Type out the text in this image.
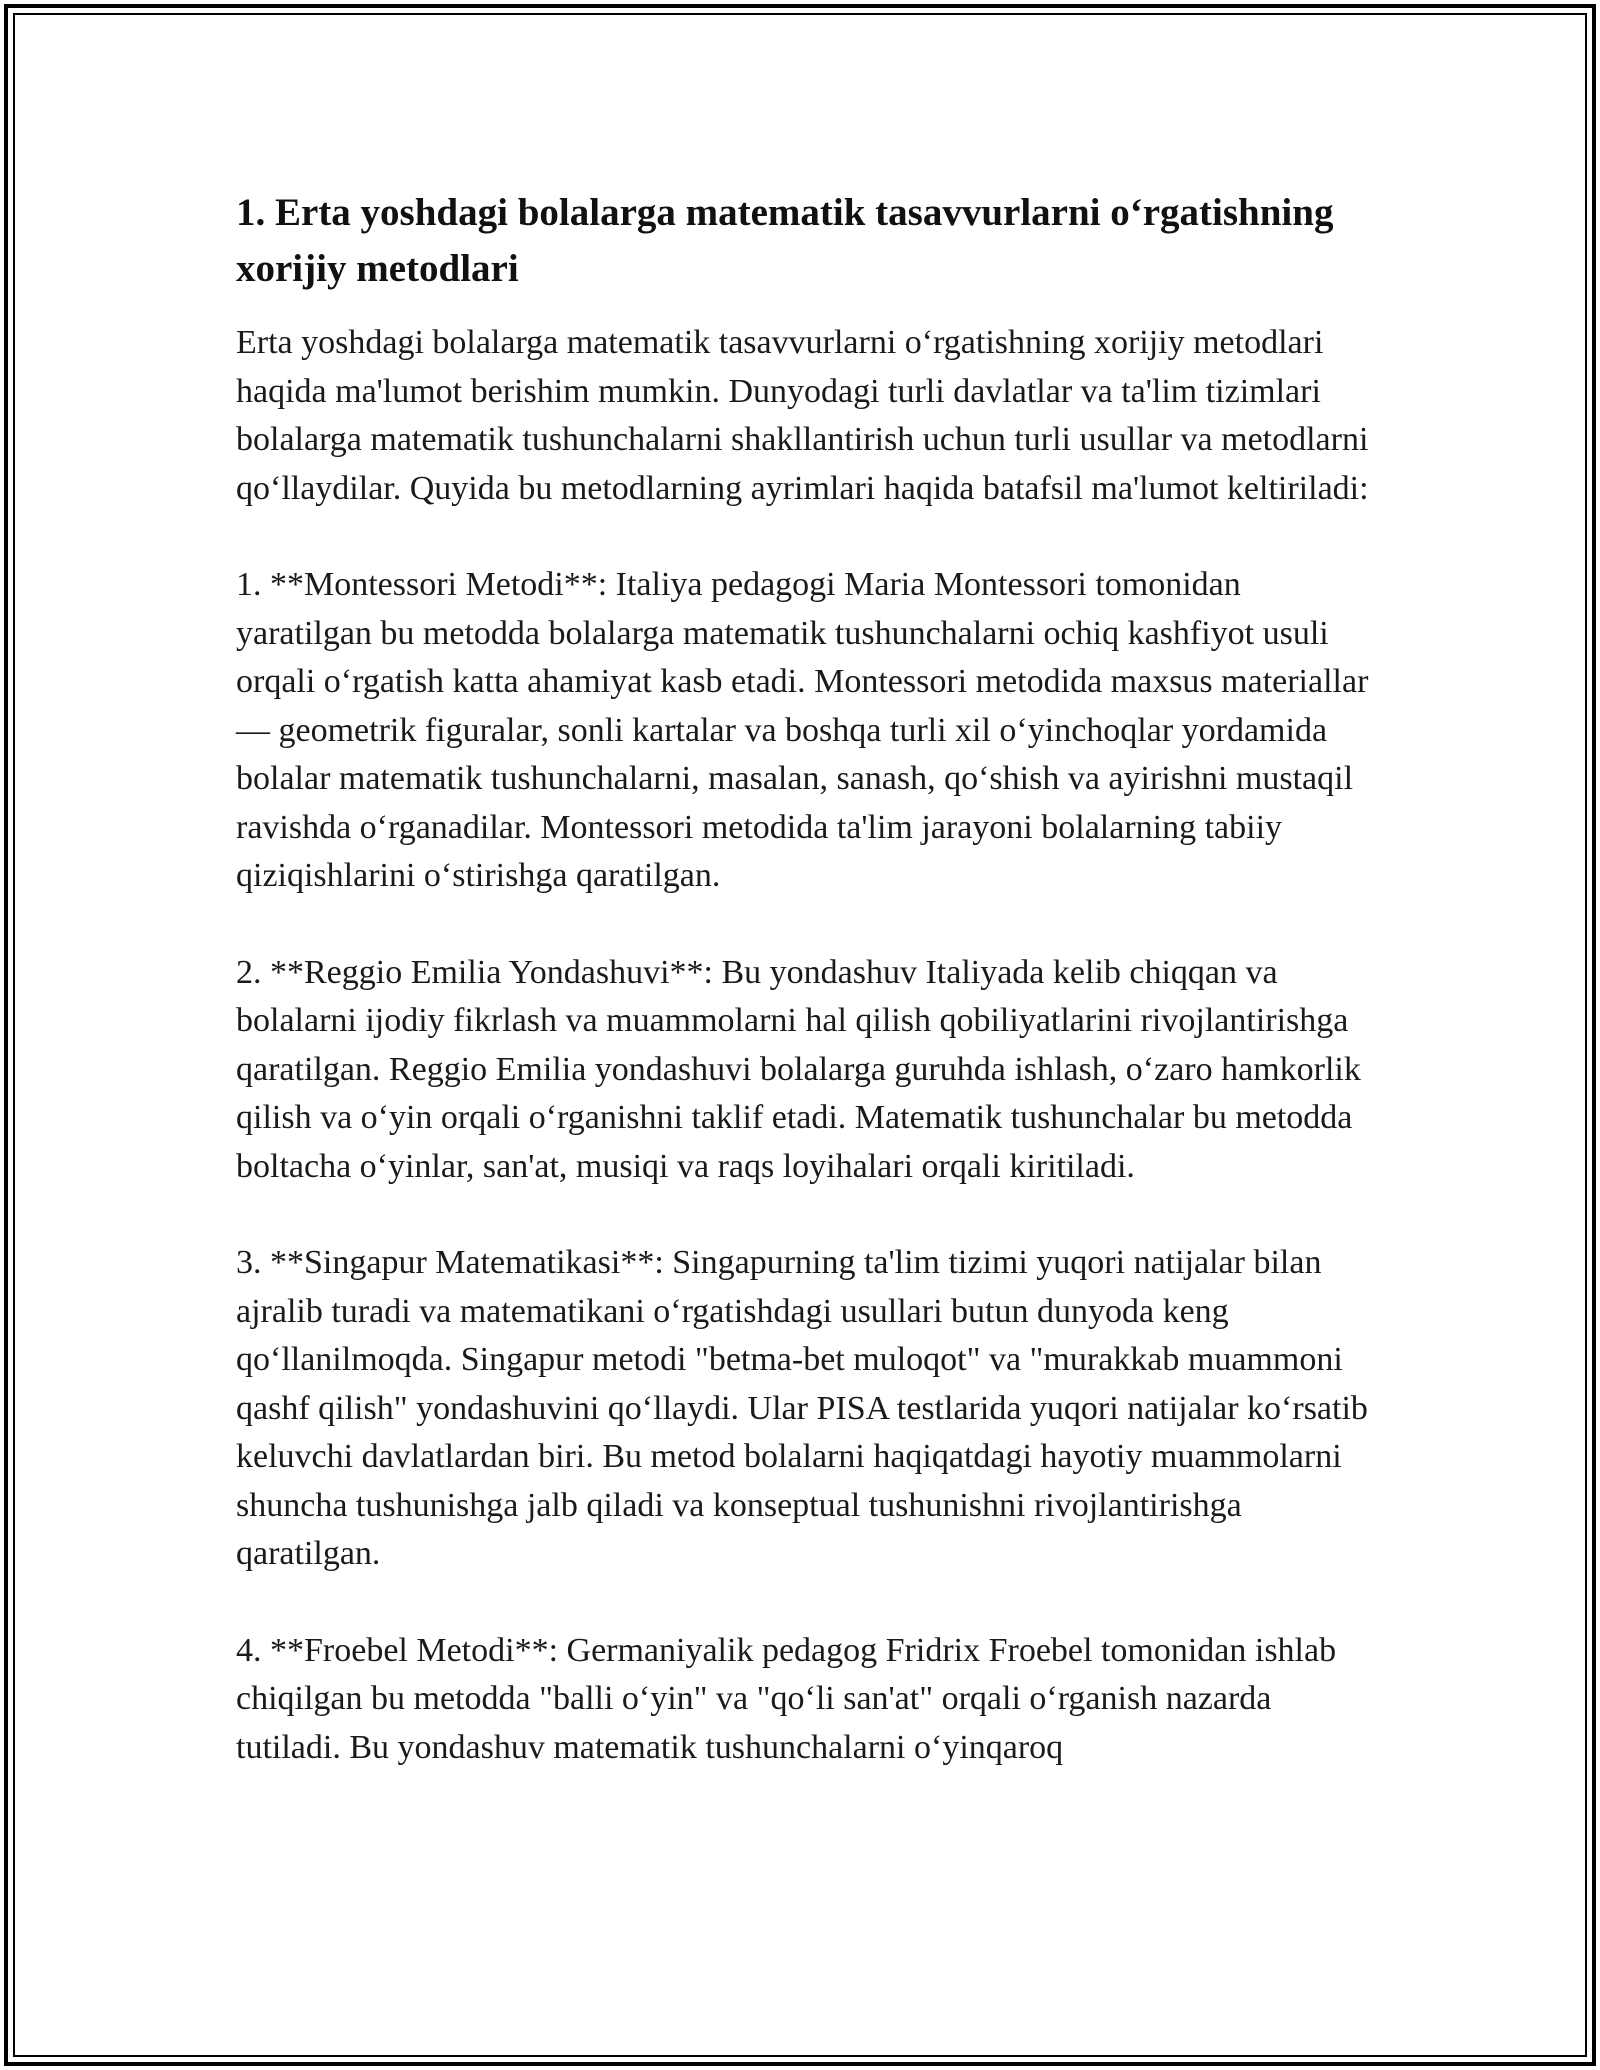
1. Erta yoshdagi bolalarga matematik tasavvurlarni o‘rgatishning xorijiy metodlari

Erta yoshdagi bolalarga matematik tasavvurlarni o‘rgatishning xorijiy metodlari haqida ma'lumot berishim mumkin. Dunyodagi turli davlatlar va ta'lim tizimlari bolalarga matematik tushunchalarni shakllantirish uchun turli usullar va metodlarni qo‘llaydilar. Quyida bu metodlarning ayrimlari haqida batafsil ma'lumot keltiriladi:

1. **Montessori Metodi**: Italiya pedagogi Maria Montessori tomonidan yaratilgan bu metodda bolalarga matematik tushunchalarni ochiq kashfiyot usuli orqali o‘rgatish katta ahamiyat kasb etadi. Montessori metodida maxsus materiallar — geometrik figuralar, sonli kartalar va boshqa turli xil o‘yinchoqlar yordamida bolalar matematik tushunchalarni, masalan, sanash, qo‘shish va ayirishni mustaqil ravishda o‘rganadilar. Montessori metodida ta'lim jarayoni bolalarning tabiiy qiziqishlarini o‘stirishga qaratilgan.

2. **Reggio Emilia Yondashuvi**: Bu yondashuv Italiyada kelib chiqqan va bolalarni ijodiy fikrlash va muammolarni hal qilish qobiliyatlarini rivojlantirishga qaratilgan. Reggio Emilia yondashuvi bolalarga guruhda ishlash, o‘zaro hamkorlik qilish va o‘yin orqali o‘rganishni taklif etadi. Matematik tushunchalar bu metodda boltacha o‘yinlar, san'at, musiqi va raqs loyihalari orqali kiritiladi.

3. **Singapur Matematikasi**: Singapurning ta'lim tizimi yuqori natijalar bilan ajralib turadi va matematikani o‘rgatishdagi usullari butun dunyoda keng qo‘llanilmoqda. Singapur metodi "betma-bet muloqot" va "murakkab muammoni qashf qilish" yondashuvini qo‘llaydi. Ular PISA testlarida yuqori natijalar ko‘rsatib keluvchi davlatlardan biri. Bu metod bolalarni haqiqatdagi hayotiy muammolarni shuncha tushunishga jalb qiladi va konseptual tushunishni rivojlantirishga qaratilgan.

4. **Froebel Metodi**: Germaniyalik pedagog Fridrix Froebel tomonidan ishlab chiqilgan bu metodda "balli o‘yin" va "qo‘li san'at" orqali o‘rganish nazarda tutiladi. Bu yondashuv matematik tushunchalarni o‘yinqaroq
